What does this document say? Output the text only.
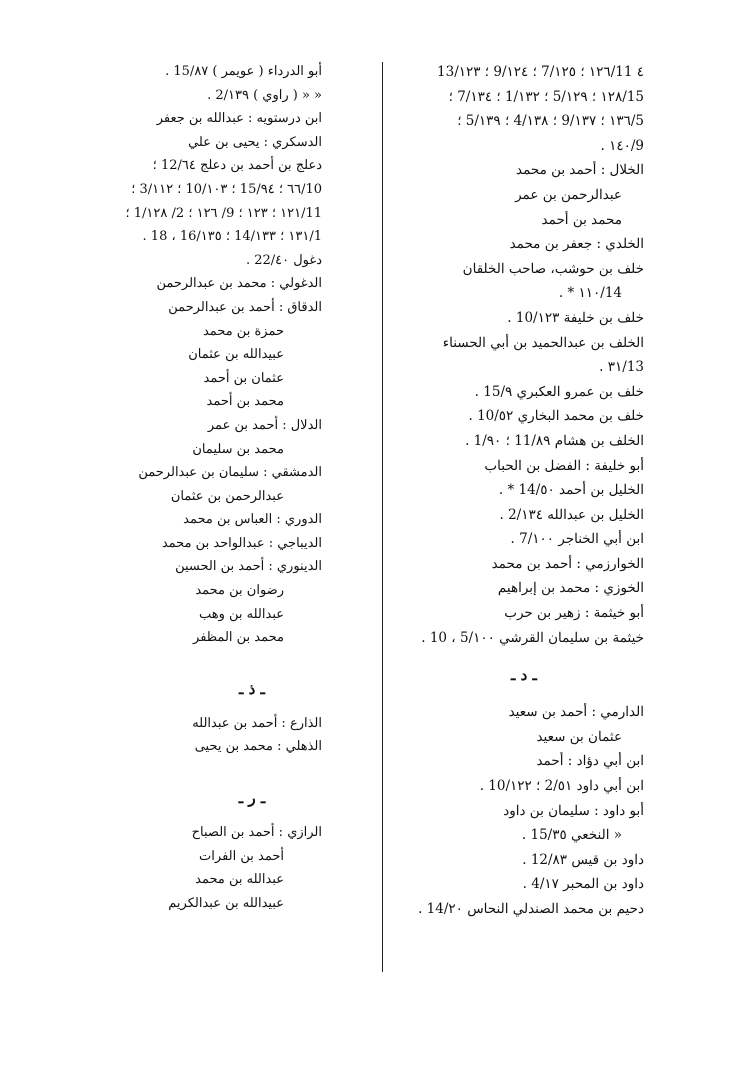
٤ 11/١٢٦ ؛ 7/١٢٥ ؛ 9/١٢٤ ؛ 13/١٢٣
15/١٢٨ ؛ 5/١٢٩ ؛ 1/١٣٢ ؛ 7/١٣٤ ؛
5/١٣٦ ؛ 9/١٣٧ ؛ 4/١٣٨ ؛ 5/١٣٩ ؛
9/١٤٠ .
الخلال : أحمد بن محمد
عبدالرحمن بن عمر
محمد بن أحمد
الخلدي : جعفر بن محمد
خلف بن حوشب، صاحب الخلقان
14/١١٠ * .
خلف بن خليفة 10/١٢٣ .
الخلف بن عبدالحميد بن أبي الحسناء
13/٣١ .
خلف بن عمرو العكبري 15/٩ .
خلف بن محمد البخاري 10/٥٢ .
الخلف بن هشام 11/٨٩ ؛ 1/٩٠ .
أبو خليفة : الفضل بن الحباب
الخليل بن أحمد 14/٥٠ * .
الخليل بن عبدالله 2/١٣٤ .
ابن أبي الخناجر 7/١٠٠ .
الخوارزمي : أحمد بن محمد
الخوزي : محمد بن إبراهيم
أبو خيثمة : زهير بن حرب
خيثمة بن سليمان القرشي 5/١٠٠ ، 10 .
ـ د ـ
الدارمي : أحمد بن سعيد
عثمان بن سعيد
ابن أبي دؤاد : أحمد
ابن أبي داود 2/٥١ ؛ 10/١٢٢ .
أبو داود : سليمان بن داود
« النخعي 15/٣٥ .
داود بن قيس 12/٨٣ .
داود بن المحبر 4/١٧ .
دحيم بن محمد الصندلي النحاس 14/٢٠ .
أبو الدرداء ( عويمر ) 15/٨٧ .
« « ( راوي ) 2/١٣٩ .
ابن درستويه : عبدالله بن جعفر
الدسكري : يحيى بن علي
دعلج بن أحمد بن دعلج 12/٦٤ ؛
10/٦٦ ؛ 15/٩٤ ؛ 10/١٠٣ ؛ 3/١١٢ ؛
11/١٢١ ؛ ١٢٣ ؛ 9/ ١٢٦ ؛ 2/ 1/١٢٨ ؛
1/١٣١ ؛ 14/١٣٣ ؛ 16/١٣٥ ، 18 .
دغول 22/٤٠ .
الدغولي : محمد بن عبدالرحمن
الدقاق : أحمد بن عبدالرحمن
حمزة بن محمد
عبيدالله بن عثمان
عثمان بن أحمد
محمد بن أحمد
الدلال : أحمد بن عمر
محمد بن سليمان
الدمشقي : سليمان بن عبدالرحمن
عبدالرحمن بن عثمان
الدوري : العباس بن محمد
الديباجي : عبدالواحد بن محمد
الدينوري : أحمد بن الحسين
رضوان بن محمد
عبدالله بن وهب
محمد بن المظفر
ـ ذ ـ
الذارع : أحمد بن عبدالله
الذهلي : محمد بن يحيى
ـ ر ـ
الرازي : أحمد بن الصباح
أحمد بن الفرات
عبدالله بن محمد
عبيدالله بن عبدالكريم
